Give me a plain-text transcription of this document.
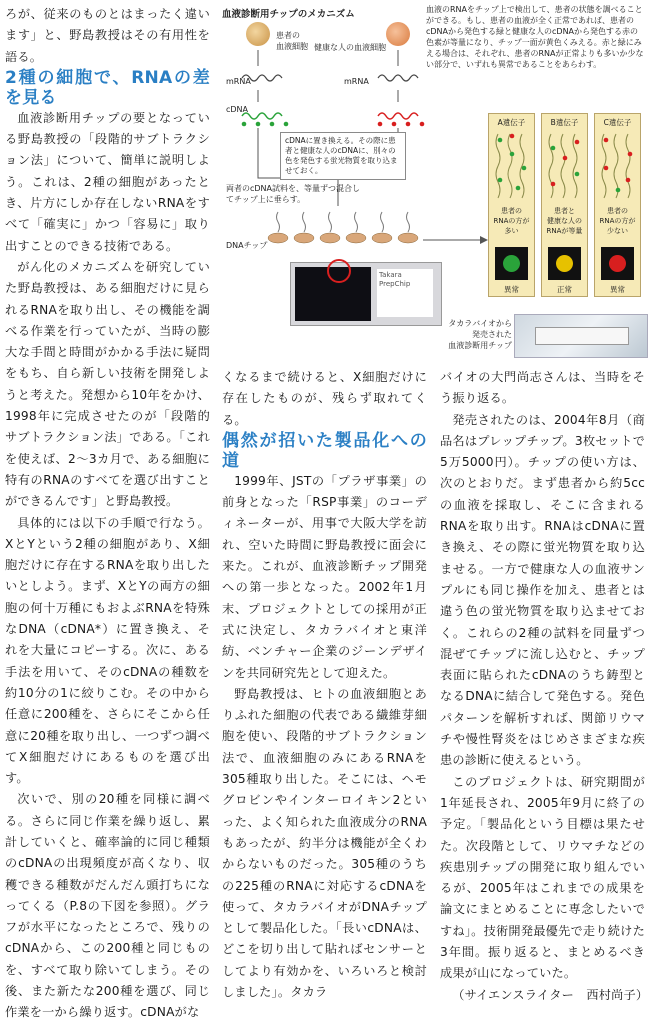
ろが、従来のものとはまったく違います」と、野島教授はその有用性を語る。

2種の細胞で、RNAの差を見る

血液診断用チップの要となっている野島教授の「段階的サブトラクション法」について、簡単に説明しよう。これは、2種の細胞があったとき、片方にしか存在しないRNAをすべて「確実に」かつ「容易に」取り出すことのできる技術である。

がん化のメカニズムを研究していた野島教授は、ある細胞だけに見られるRNAを取り出し、その機能を調べる作業を行っていたが、当時の膨大な手間と時間がかかる手法に疑問をもち、自ら新しい技術を開発しようと考えた。発想から10年をかけ、1998年に完成させたのが「段階的サブトラクション法」である。「これを使えば、2～3カ月で、ある細胞に特有のRNAのすべてを選び出すことができるんです」と野島教授。

具体的には以下の手順で行なう。XとYという2種の細胞があり、X細胞だけに存在するRNAを取り出したいとしよう。まず、XとYの両方の細胞の何十万種にもおよぶRNAを特殊なDNA（cDNA*）に置き換え、それを大量にコピーする。次に、ある手法を用いて、そのcDNAの種数を約10分の1に絞りこむ。その中から任意に200種を、さらにそこから任意に20種を取り出し、一つずつ調べてX細胞だけにあるものを選び出す。

次いで、別の20種を同様に調べる。さらに同じ作業を繰り返し、累計していくと、確率論的に同じ種類のcDNAの出現頻度が高くなり、収穫できる種数がだんだん頭打ちになってくる（P.8の下図を参照）。グラフが水平になったところで、残りのcDNAから、この200種と同じものを、すべて取り除いてしまう。その後、また新たな200種を選び、同じ作業を一から繰り返す。cDNAがな

くなるまで続けると、X細胞だけに存在したものが、残らず取れてくる。

偶然が招いた製品化への道

1999年、JSTの「プラザ事業」の前身となった「RSP事業」のコーディネーターが、用事で大阪大学を訪れ、空いた時間に野島教授に面会に来た。これが、血液診断チップ開発への第一歩となった。2002年1月末、プロジェクトとしての採用が正式に決定し、タカラバイオと東洋紡、ベンチャー企業のジーンデザインを共同研究先として迎えた。

野島教授は、ヒトの血液細胞とありふれた細胞の代表である繊維芽細胞を使い、段階的サブトラクション法で、血液細胞のみにあるRNAを305種取り出した。そこには、ヘモグロビンやインターロイキン2といった、よく知られた血液成分のRNAもあったが、約半分は機能が全くわからないものだった。305種のうちの225種のRNAに対応するcDNAを使って、タカラバイオがDNAチップとして製品化した。「長いcDNAは、どこを切り出して貼ればセンサーとしてより有効かを、いろいろと検討しました」。タカラ

バイオの大門尚志さんは、当時をそう振り返る。

発売されたのは、2004年8月（商品名はプレップチップ。3枚セットで5万5000円）。チップの使い方は、次のとおりだ。まず患者から約5ccの血液を採取し、そこに含まれるRNAを取り出す。RNAはcDNAに置き換え、その際に蛍光物質を取り込ませる。一方で健康な人の血液サンプルにも同じ操作を加え、患者とは違う色の蛍光物質を取り込ませておく。これらの2種の試料を同量ずつ混ぜてチップに流し込むと、チップ表面に貼られたcDNAのうち鋳型となるDNAに結合して発色する。発色パターンを解析すれば、関節リウマチや慢性腎炎をはじめさまざまな疾患の診断に使えるという。

このプロジェクトは、研究期間が1年延長され、2005年9月に終了の予定。「製品化という目標は果たせた。次段階として、リウマチなどの疾患別チップの開発に取り組んでいるが、2005年はこれまでの成果を論文にまとめることに専念したいですね」。技術開発最優先で走り続けた3年間。振り返ると、まとめるべき成果が山になっていた。

（サイエンスライター　西村尚子）

血液診断用チップのメカニズム
患者の
血液細胞 健康な人の血液細胞
mRNA	mRNA
cDNA
cDNAに置き換える。その際に患者と健康な人のcDNAに、別々の色を発色する蛍光物質を取り込ませておく。
両者のcDNA試料を、等量ずつ混合してチップ上に垂らす。
DNAチップ
Takara PrepChip
血液のRNAをチップ上で検出して、患者の状態を調べることができる。もし、患者の血液が全く正常であれば、患者のcDNAから発色する緑と健康な人のcDNAから発色する赤の色素が等量になり、チップ一面が黄色くみえる。赤と緑にみえる場合は、それぞれ、患者のRNAが正常よりも多いか少ない部分で、いずれも異常であることをあらわす。
A遺伝子
患者の
RNAの方が
多い
異常
B遺伝子
患者と
健康な人の
RNAが等量
正常
C遺伝子
患者の
RNAの方が
少ない
異常
タカラバイオから
発売された
血液診断用チップ
